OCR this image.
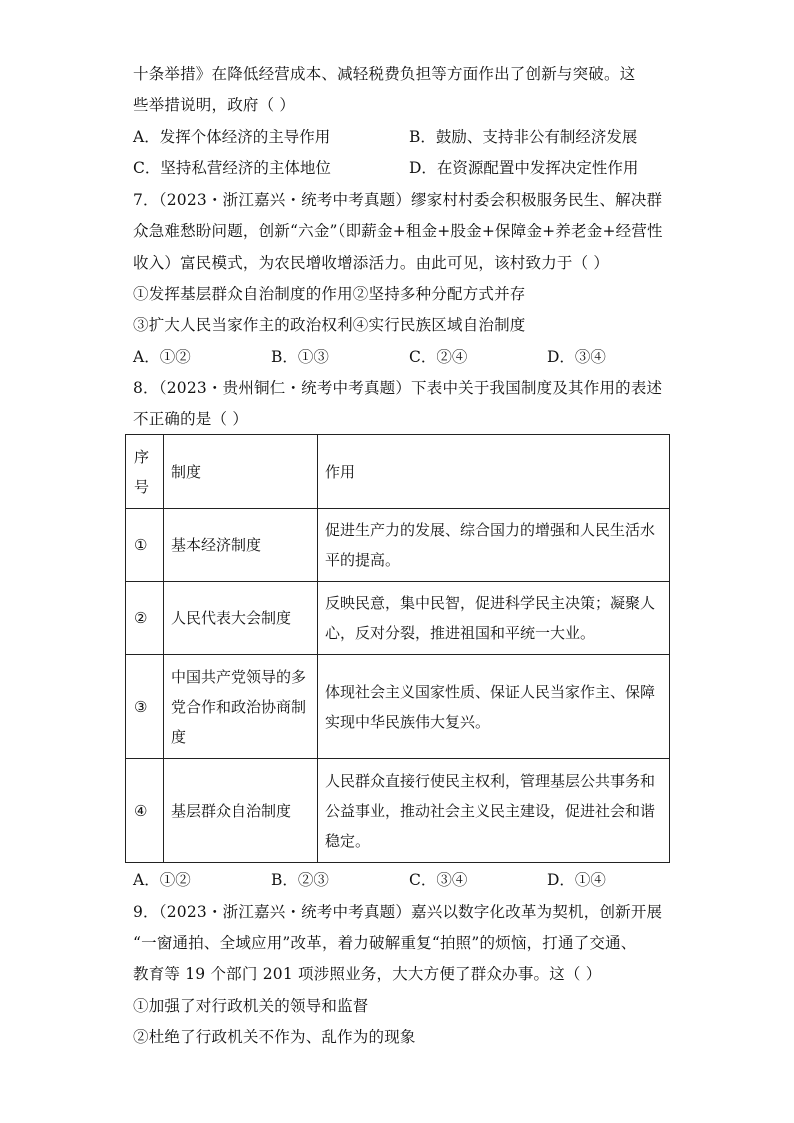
十条举措》在降低经营成本、减轻税费负担等方面作出了创新与突破。这
些举措说明，政府（ ）
A．发挥个体经济的主导作用	B．鼓励、支持非公有制经济发展
C．坚持私营经济的主体地位	D．在资源配置中发挥决定性作用
7．（2023・浙江嘉兴・统考中考真题）缪家村村委会积极服务民生、解决群
众急难愁盼问题，创新“六金”（即薪金+租金+股金+保障金+养老金+经营性
收入）富民模式，为农民增收增添活力。由此可见，该村致力于（ ）
①发挥基层群众自治制度的作用②坚持多种分配方式并存
③扩大人民当家作主的政治权利④实行民族区域自治制度
A．①②	B．①③	C．②④	D．③④
8．（2023・贵州铜仁・统考中考真题）下表中关于我国制度及其作用的表述
不正确的是（ ）
序号	制度	作用
①	基本经济制度	促进生产力的发展、综合国力的增强和人民生活水平的提高。
②	人民代表大会制度	反映民意，集中民智，促进科学民主决策；凝聚人心，反对分裂，推进祖国和平统一大业。
③	中国共产党领导的多党合作和政治协商制度	体现社会主义国家性质、保证人民当家作主、保障实现中华民族伟大复兴。
④	基层群众自治制度	人民群众直接行使民主权利，管理基层公共事务和公益事业，推动社会主义民主建设，促进社会和谐稳定。
A．①②	B．②③	C．③④	D．①④
9．（2023・浙江嘉兴・统考中考真题）嘉兴以数字化改革为契机，创新开展
“一窗通拍、全域应用”改革，着力破解重复“拍照”的烦恼，打通了交通、
教育等 19 个部门 201 项涉照业务，大大方便了群众办事。这（ ）
①加强了对行政机关的领导和监督
②杜绝了行政机关不作为、乱作为的现象
